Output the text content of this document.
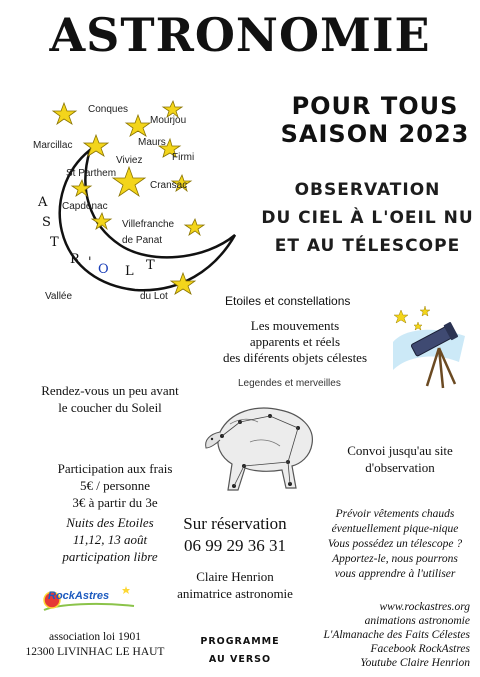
ASTRONOMIE
POUR TOUS
SAISON 2023
OBSERVATION
DU CIEL À L'OEIL NU
ET AU TÉLESCOPE
Conques
Mourjou
Maurs
Marcillac
Firmi
Viviez
St Parthem
Cransac
Capdenac
Villefranche
de Panat
Vallée	du Lot
A
S
T
R ' O L T
Etoiles et constellations
Les mouvements
apparents et réels
des diférents objets célestes
Legendes et merveilles
Rendez-vous un peu avant
le coucher du Soleil
Convoi jusqu'au site
d'observation
Participation aux frais
5€ / personne
3€ à partir du 3e
Nuits des Etoiles
11,12, 13 août
participation libre
Sur réservation
06 99 29 36 31
Claire Henrion
animatrice astronomie
Prévoir vêtements chauds
éventuellement pique-nique
Vous possédez un télescope ?
Apportez-le, nous pourrons
vous apprendre à l'utiliser
RockAstres
association loi 1901
12300 LIVINHAC LE HAUT
PROGRAMME
AU VERSO
www.rockastres.org
animations astronomie
L'Almanache des Faits Célestes
Facebook RockAstres
Youtube Claire Henrion
